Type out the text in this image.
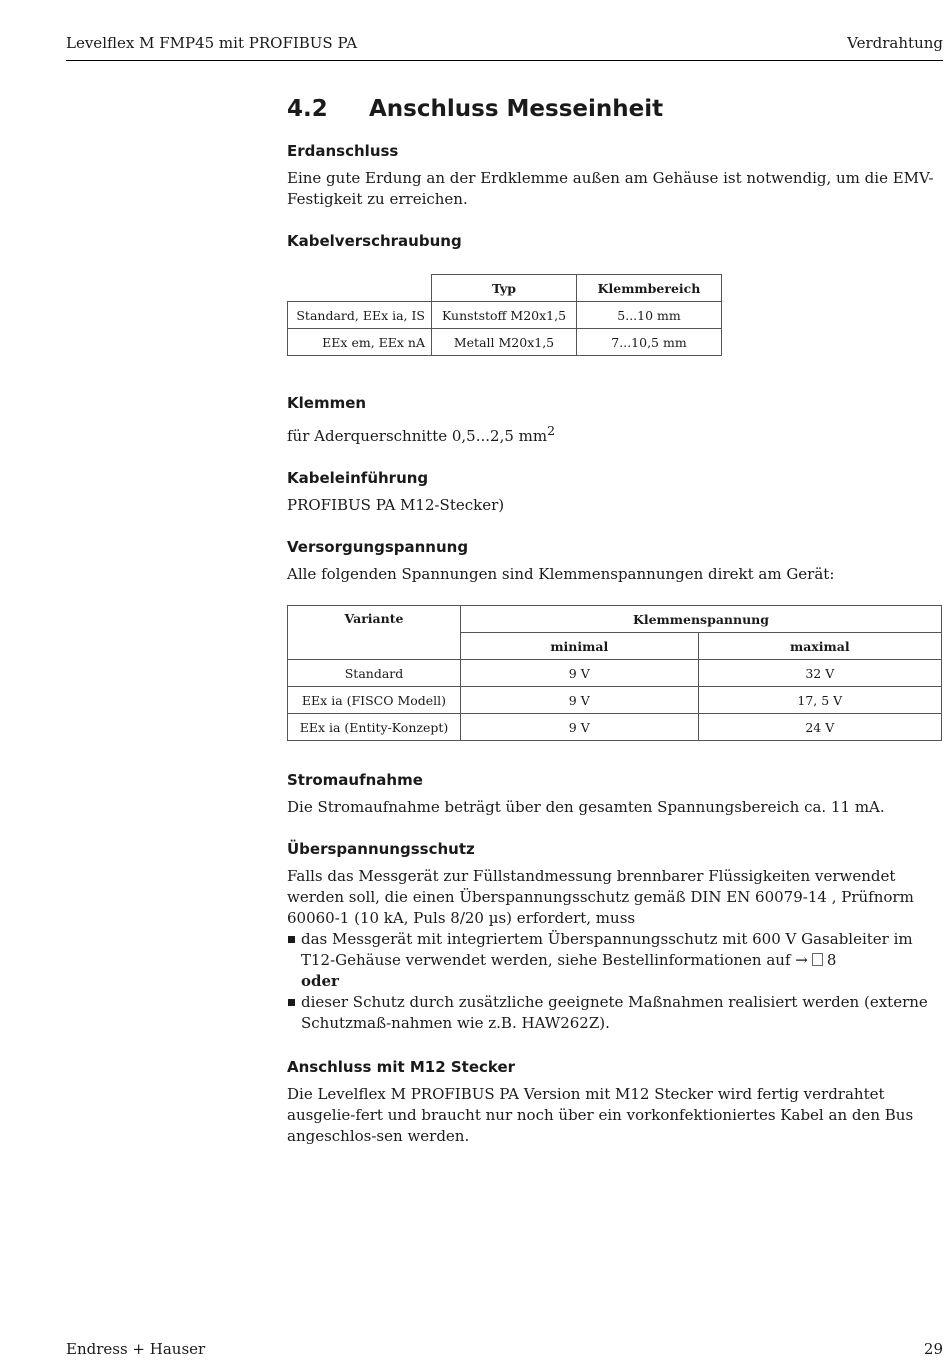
Levelflex M FMP45 mit PROFIBUS PA	Verdrahtung
4.2 Anschluss Messeinheit
Erdanschluss

Eine gute Erdung an der Erdklemme außen am Gehäuse ist notwendig, um die EMV-Festigkeit zu erreichen.

Kabelverschraubung
	Typ	Klemmbereich
Standard, EEx ia, IS	Kunststoff M20x1,5	5...10 mm
EEx em, EEx nA	Metall M20x1,5	7...10,5 mm
Klemmen

für Aderquerschnitte 0,5...2,5 $mm^2$

Kabeleinführung

PROFIBUS PA M12-Stecker)

Versorgungspannung

Alle folgenden Spannungen sind Klemmenspannungen direkt am Gerät:

Variante	Klemmenspannung	
	minimal	maximal
Standard	9 V	32 V
EEx ia (FISCO Modell)	9 V	17, 5 V
EEx ia (Entity-Konzept)	9 V	24 V
Stromaufnahme

Die Stromaufnahme beträgt über den gesamten Spannungsbereich ca. 11 mA.

Überspannungsschutz

Falls das Messgerät zur Füllstandmessung brennbarer Flüssigkeiten verwendet werden soll, die einen Überspannungsschutz gemäß DIN EN 60079-14 , Prüfnorm 60060-1 (10 kA, Puls 8/20 µs) erfordert, muss

das Messgerät mit integriertem Überspannungsschutz mit 600 V Gasableiter im T12-Gehäuse verwendet werden, siehe Bestellinformationen auf → 8
oder
dieser Schutz durch zusätzliche geeignete Maßnahmen realisiert werden (externe Schutzmaß-nahmen wie z.B. HAW262Z).
Anschluss mit M12 Stecker

Die Levelflex M PROFIBUS PA Version mit M12 Stecker wird fertig verdrahtet ausgelie-fert und braucht nur noch über ein vorkonfektioniertes Kabel an den Bus angeschlos-sen werden.

Endress + Hauser	29
